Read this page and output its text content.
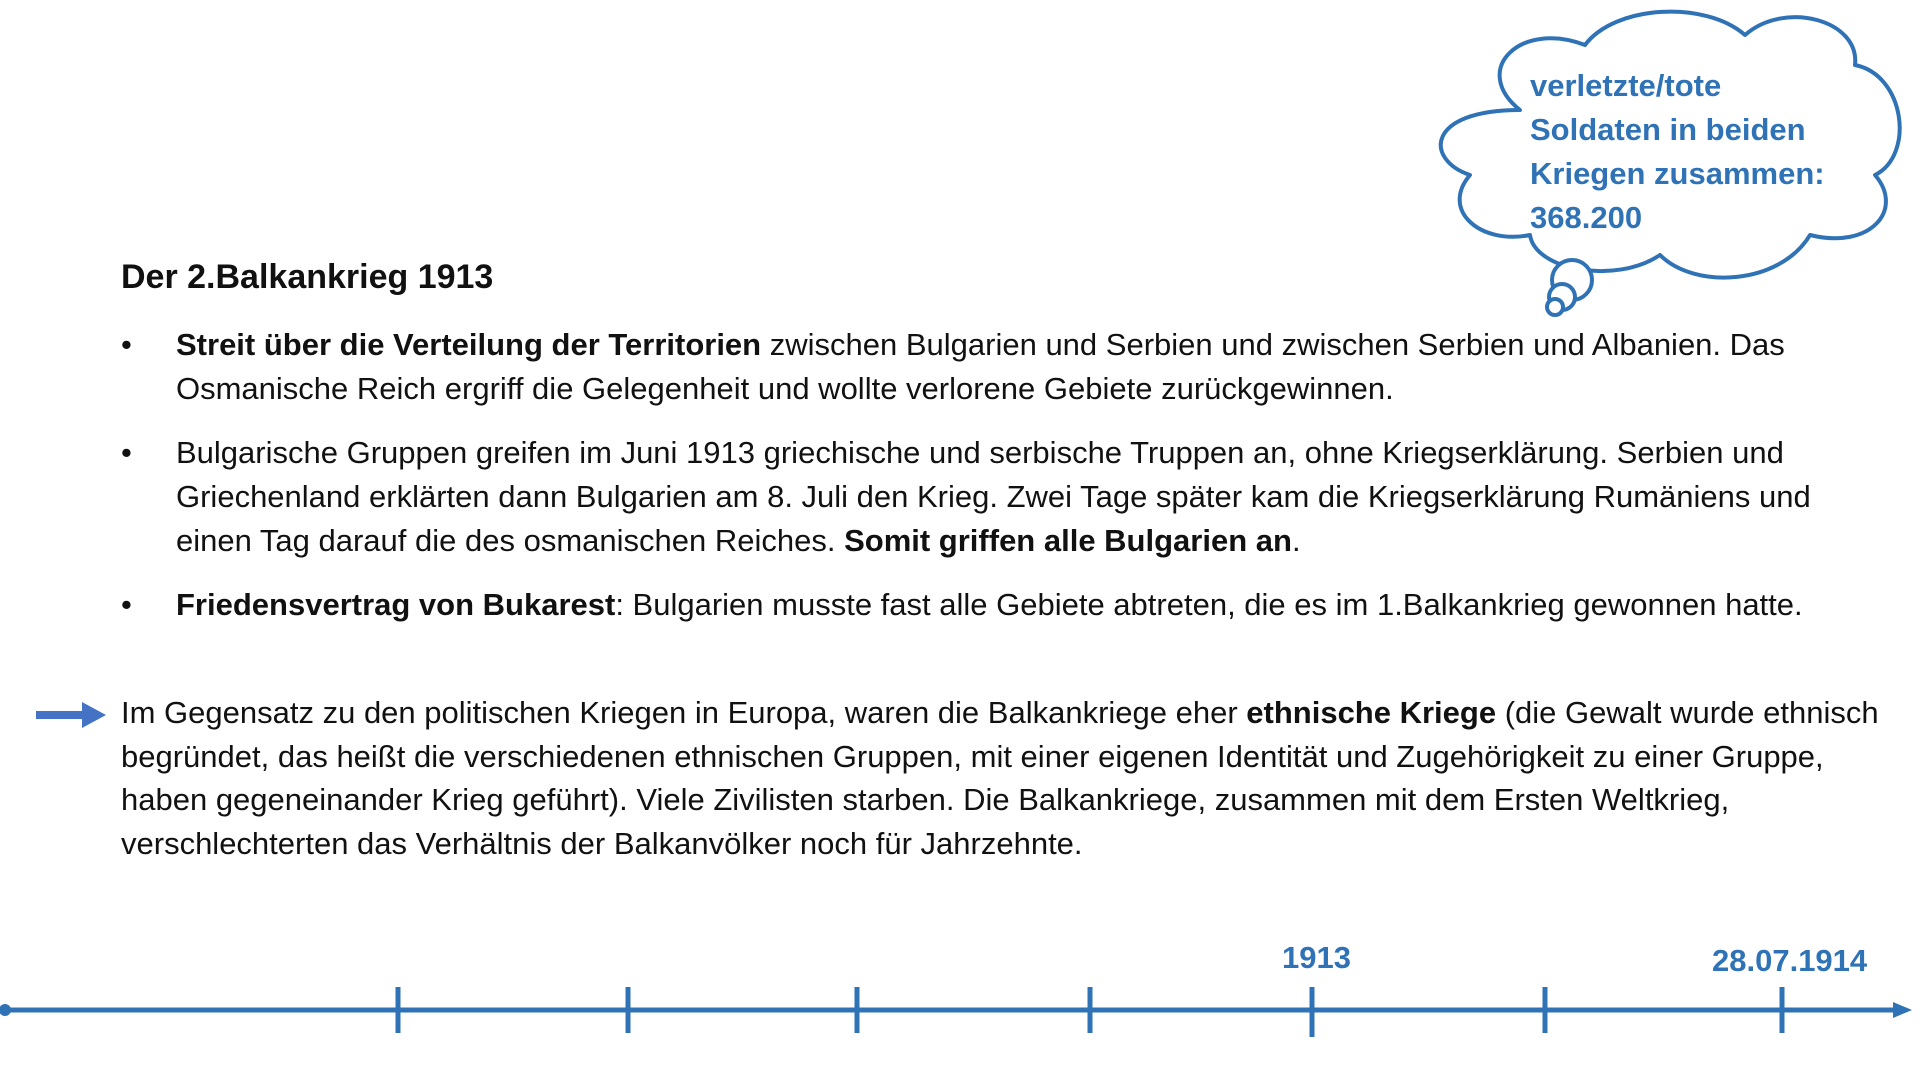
verletzte/tote
Soldaten in beiden
Kriegen zusammen:
368.200
Der 2.Balkankrieg 1913
• Streit über die Verteilung der Territorien zwischen Bulgarien und Serbien und zwischen Serbien und Albanien. Das Osmanische Reich ergriff die Gelegenheit und wollte verlorene Gebiete zurückgewinnen.
• Bulgarische Gruppen greifen im Juni 1913 griechische und serbische Truppen an, ohne Kriegserklärung. Serbien und Griechenland erklärten dann Bulgarien am 8. Juli den Krieg. Zwei Tage später kam die Kriegserklärung Rumäniens und einen Tag darauf die des osmanischen Reiches. Somit griffen alle Bulgarien an.
• Friedensvertrag von Bukarest: Bulgarien musste fast alle Gebiete abtreten, die es im 1.Balkankrieg gewonnen hatte.
Im Gegensatz zu den politischen Kriegen in Europa, waren die Balkankriege eher ethnische Kriege (die Gewalt wurde ethnisch begründet, das heißt die verschiedenen ethnischen Gruppen, mit einer eigenen Identität und Zugehörigkeit zu einer Gruppe, haben gegeneinander Krieg geführt). Viele Zivilisten starben. Die Balkankriege, zusammen mit dem Ersten Weltkrieg, verschlechterten das Verhältnis der Balkanvölker noch für Jahrzehnte.
1913	28.07.1914
